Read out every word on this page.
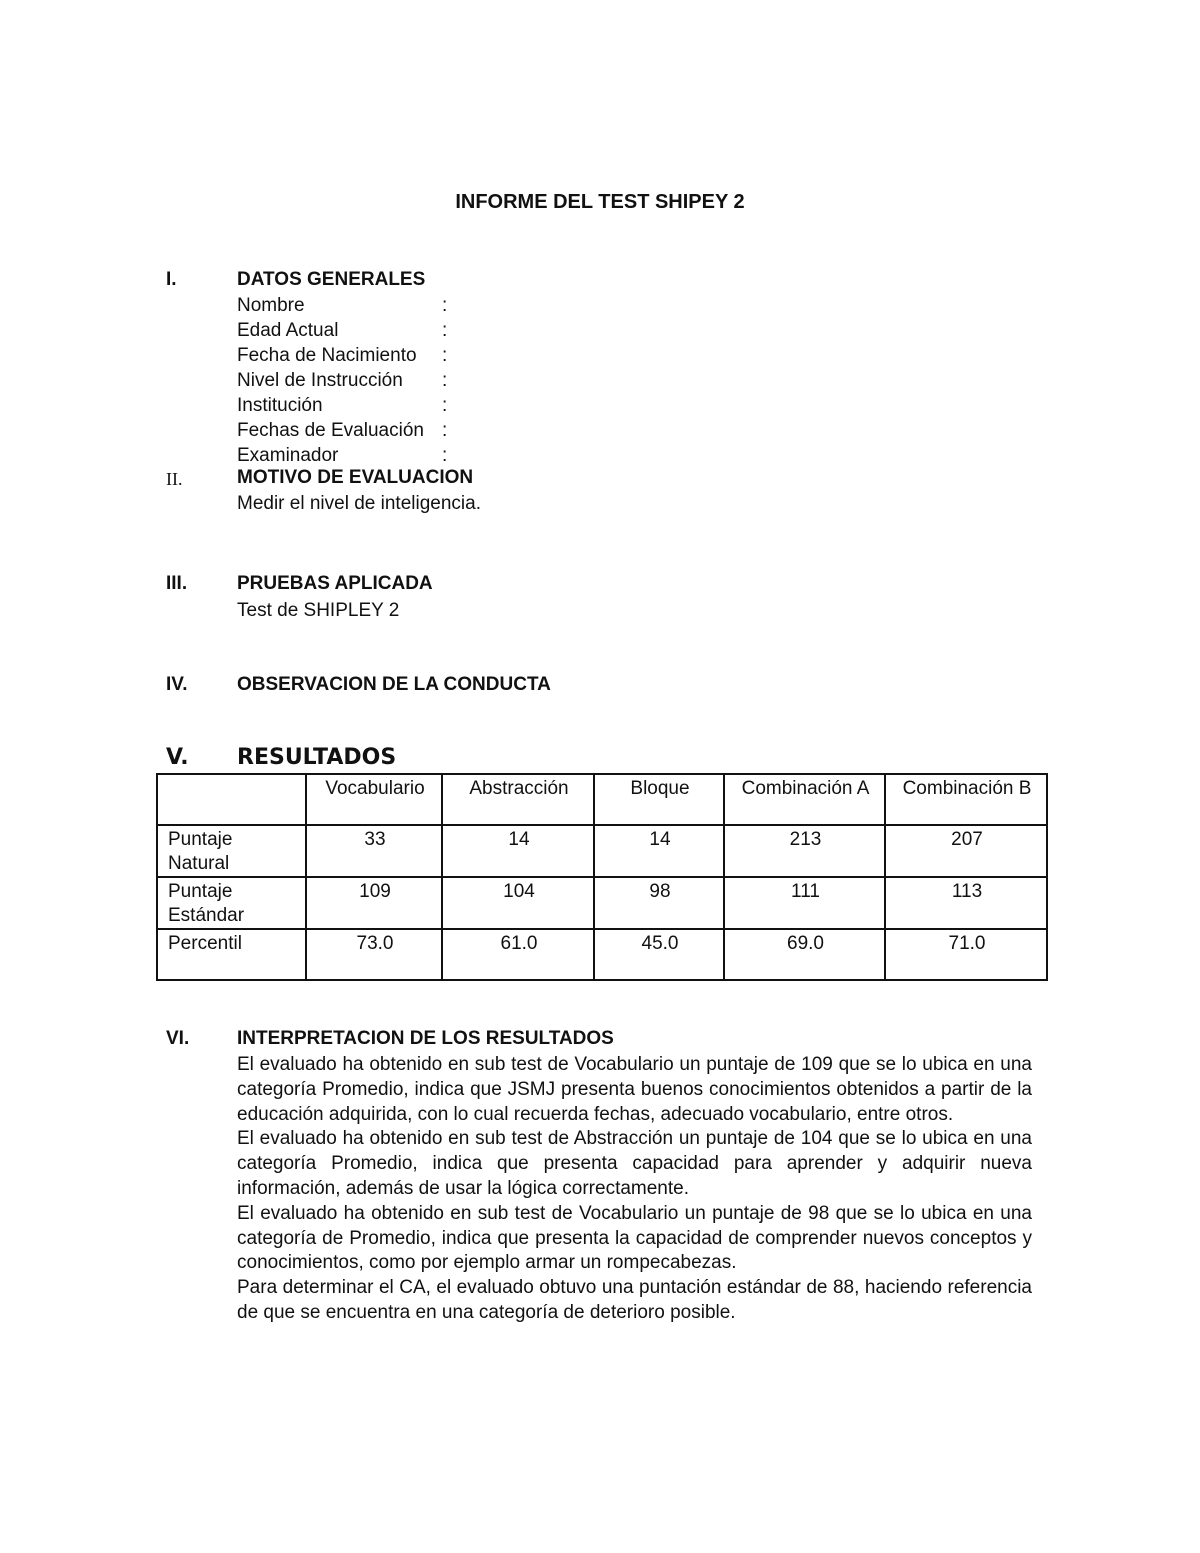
INFORME DEL TEST SHIPEY 2
I.	DATOS GENERALES
Nombre	:
Edad Actual	:
Fecha de Nacimiento :
Nivel de Instrucción :
Institución	:
Fechas de Evaluación :
Examinador	:
II.	MOTIVO DE EVALUACION
Medir el nivel de inteligencia.
III.	PRUEBAS APLICADA
Test de SHIPLEY 2
IV.	OBSERVACION DE LA CONDUCTA
V. RESULTADOS
	Vocabulario	Abstracción	Bloque	Combinación A	Combinación B
Puntaje Natural	33	14	14	213	207
Puntaje Estándar	109	104	98	111	113
Percentil	73.0	61.0	45.0	69.0	71.0
VI.	INTERPRETACION DE LOS RESULTADOS

El evaluado ha obtenido en sub test de Vocabulario un puntaje de 109 que se lo ubica en una categoría Promedio, indica que JSMJ presenta buenos conocimientos obtenidos a partir de la educación adquirida, con lo cual recuerda fechas, adecuado vocabulario, entre otros.

El evaluado ha obtenido en sub test de Abstracción un puntaje de 104 que se lo ubica en una categoría Promedio, indica que presenta capacidad para aprender y adquirir nueva información, además de usar la lógica correctamente.

El evaluado ha obtenido en sub test de Vocabulario un puntaje de 98 que se lo ubica en una categoría de Promedio, indica que presenta la capacidad de comprender nuevos conceptos y conocimientos, como por ejemplo armar un rompecabezas.

Para determinar el CA, el evaluado obtuvo una puntación estándar de 88, haciendo referencia de que se encuentra en una categoría de deterioro posible.
